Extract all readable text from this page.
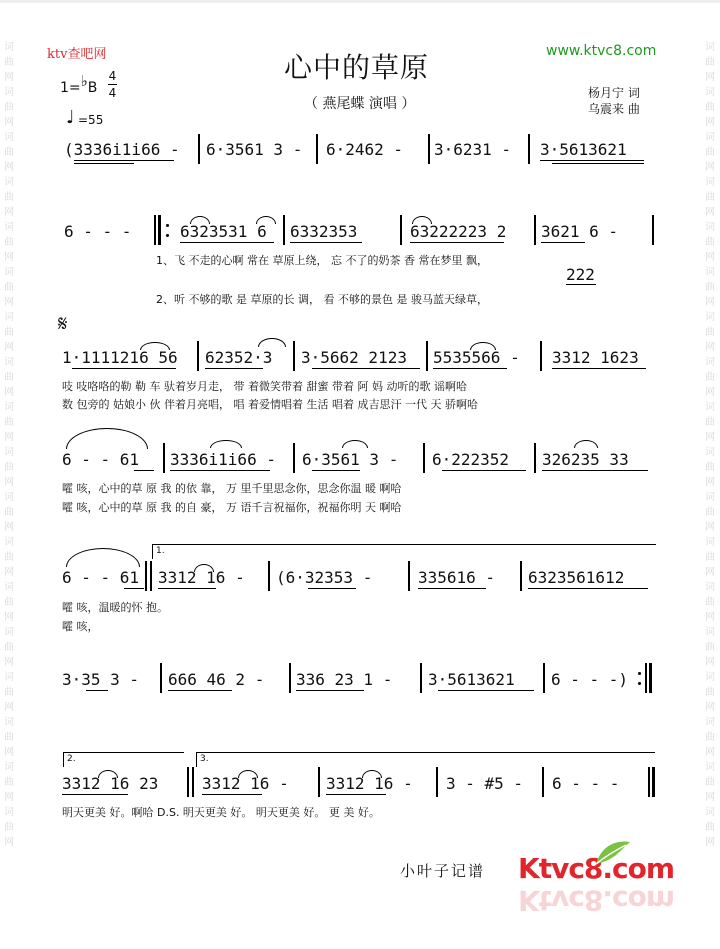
词曲网词曲网词曲网词曲网词曲网词曲网词曲网词曲网词曲网词曲网词曲网词曲网词曲网词曲网词曲网词曲网词曲网词曲网
词曲网词曲网词曲网词曲网词曲网词曲网词曲网词曲网词曲网词曲网词曲网词曲网词曲网词曲网词曲网词曲网词曲网词曲网
ktv查吧网	www.ktvc8.com
心中的草原
（ 燕尾蝶 演唱 ）
杨月宁 词
乌震来 曲
1=♭B
4
4
♩ =55
(3336i1i66 - 6·3561 3 - 6·2462 - 3·6231 - 3·5613621
6 - - -	6323531 6 6332353	63222223 2 3621 6 -
222
1、飞 不走的心啊 常在 草原上绕， 忘 不了的奶茶 香 常在梦里 飘，
2、听 不够的歌 是 草原的长 调， 看 不够的景色 是 骏马蓝天绿草，
𝄋
1·1111216 56 62352·3 3·5662 2123 5535566 - 3312 1623
吱 吱咯咯的勒 勒 车 驮着岁月走， 带 着微笑带着 甜蜜 带着 阿 妈 动听的歌 谣啊哈
数 包旁的 姑娘小 伙 伴着月亮唱， 唱 着爱情唱着 生活 唱着 成吉思汗 一代 天 骄啊哈
6 - - 61 3336i1i66 - 6·3561 3 - 6·222352 326235 33
嚯 咳，心中的草 原 我 的依 靠， 万 里千里思念你，思念你温 暖 啊哈
嚯 咳，心中的草 原 我 的自 豪， 万 语千言祝福你，祝福你明 天 啊哈
1.
6 - - 61 3312 16 - (6·32353 -	335616 - 6323561612
嚯 咳，温暖的怀 抱。
嚯 咳，
3·35 3 - 666 46 2 - 336 23 1 - 3·5613621 6 - - -)
2.	3.
3312 16 23	3312 16 - 3312 16 - 3 - #5 - 6 - - -
明天更美 好。啊哈 D.S. 明天更美 好。 明天更美 好。 更 美 好。
小叶子记谱 Ktvc8.com
Ktvc8.com
